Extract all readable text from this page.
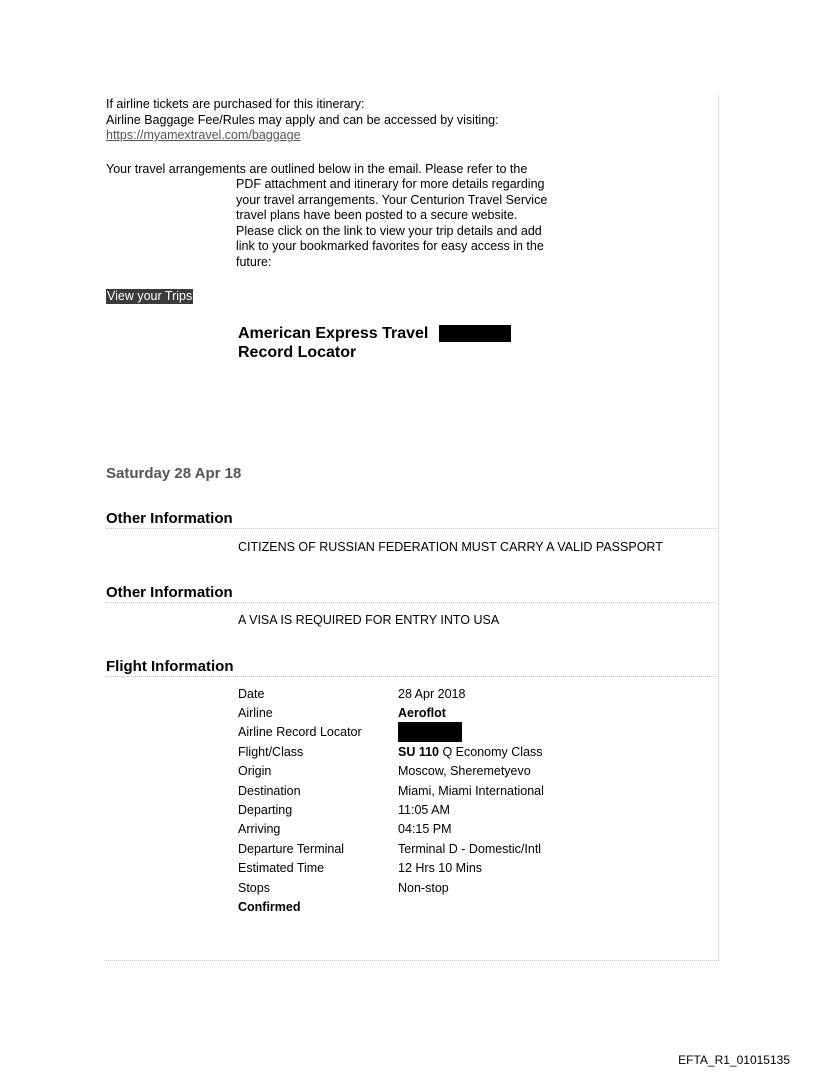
If airline tickets are purchased for this itinerary:
Airline Baggage Fee/Rules may apply and can be accessed by visiting:
https://myamextravel.com/baggage
Your travel arrangements are outlined below in the email. Please refer to the
PDF attachment and itinerary for more details regarding
your travel arrangements. Your Centurion Travel Service
travel plans have been posted to a secure website.
Please click on the link to view your trip details and add
link to your bookmarked favorites for easy access in the
future:
View your Trips
American Express Travel
Record Locator
Saturday 28 Apr 18
Other Information
CITIZENS OF RUSSIAN FEDERATION MUST CARRY A VALID PASSPORT
Other Information
A VISA IS REQUIRED FOR ENTRY INTO USA
Flight Information
Date	28 Apr 2018
Airline	Aeroflot
Airline Record Locator
Flight/Class	SU 110 Q Economy Class
Origin	Moscow, Sheremetyevo
Destination	Miami, Miami International
Departing	11:05 AM
Arriving	04:15 PM
Departure Terminal	Terminal D - Domestic/Intl
Estimated Time	12 Hrs 10 Mins
Stops	Non-stop
Confirmed
EFTA_R1_01015135
